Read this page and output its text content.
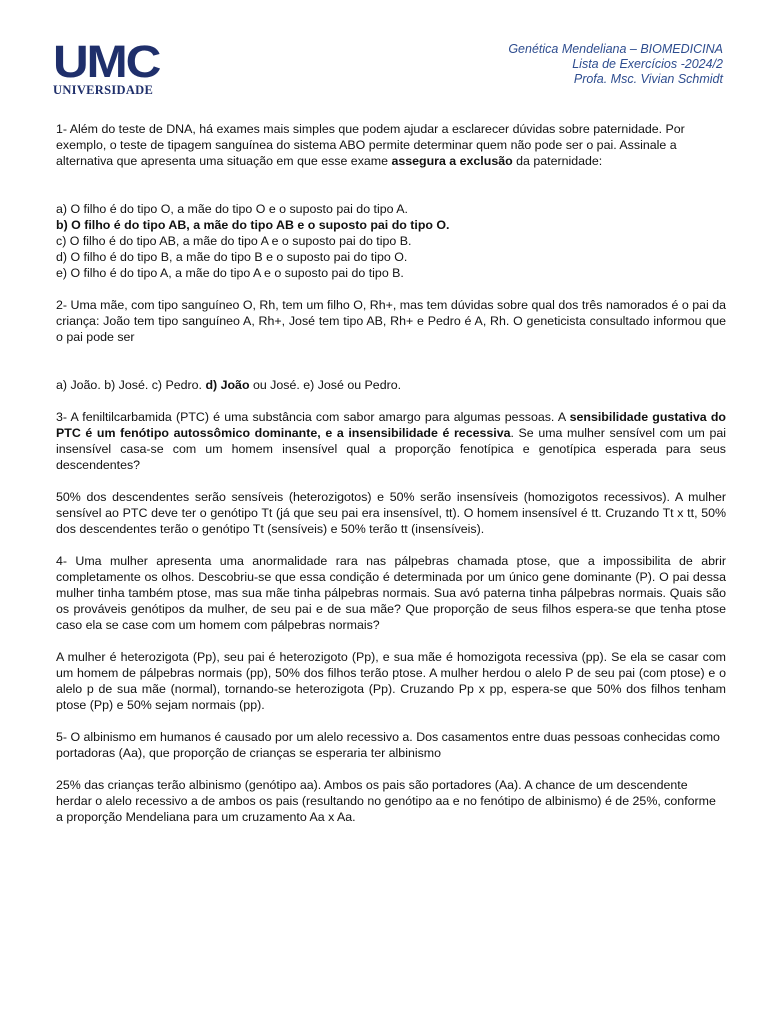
UMC
UNIVERSIDADE
Genética Mendeliana – BIOMEDICINA
Lista de Exercícios -2024/2
Profa. Msc. Vivian Schmidt

1- Além do teste de DNA, há exames mais simples que podem ajudar a esclarecer dúvidas sobre paternidade. Por exemplo, o teste de tipagem sanguínea do sistema ABO permite determinar quem não pode ser o pai. Assinale a alternativa que apresenta uma situação em que esse exame assegura a exclusão da paternidade:

a) O filho é do tipo O, a mãe do tipo O e o suposto pai do tipo A.

b) O filho é do tipo AB, a mãe do tipo AB e o suposto pai do tipo O.

c) O filho é do tipo AB, a mãe do tipo A e o suposto pai do tipo B.

d) O filho é do tipo B, a mãe do tipo B e o suposto pai do tipo O.

e) O filho é do tipo A, a mãe do tipo A e o suposto pai do tipo B.

2- Uma mãe, com tipo sanguíneo O, Rh, tem um filho O, Rh+, mas tem dúvidas sobre qual dos três namorados é o pai da criança: João tem tipo sanguíneo A, Rh+, José tem tipo AB, Rh+ e Pedro é A, Rh. O geneticista consultado informou que o pai pode ser

a) João. b) José. c) Pedro. d) João ou José. e) José ou Pedro.

3- A feniltilcarbamida (PTC) é uma substância com sabor amargo para algumas pessoas. A sensibilidade gustativa do PTC é um fenótipo autossômico dominante, e a insensibilidade é recessiva. Se uma mulher sensível com um pai insensível casa-se com um homem insensível qual a proporção fenotípica e genotípica esperada para seus descendentes?

50% dos descendentes serão sensíveis (heterozigotos) e 50% serão insensíveis (homozigotos recessivos). A mulher sensível ao PTC deve ter o genótipo Tt (já que seu pai era insensível, tt). O homem insensível é tt. Cruzando Tt x tt, 50% dos descendentes terão o genótipo Tt (sensíveis) e 50% terão tt (insensíveis).

4- Uma mulher apresenta uma anormalidade rara nas pálpebras chamada ptose, que a impossibilita de abrir completamente os olhos. Descobriu-se que essa condição é determinada por um único gene dominante (P). O pai dessa mulher tinha também ptose, mas sua mãe tinha pálpebras normais. Sua avó paterna tinha pálpebras normais. Quais são os prováveis genótipos da mulher, de seu pai e de sua mãe? Que proporção de seus filhos espera-se que tenha ptose caso ela se case com um homem com pálpebras normais?

A mulher é heterozigota (Pp), seu pai é heterozigoto (Pp), e sua mãe é homozigota recessiva (pp). Se ela se casar com um homem de pálpebras normais (pp), 50% dos filhos terão ptose. A mulher herdou o alelo P de seu pai (com ptose) e o alelo p de sua mãe (normal), tornando-se heterozigota (Pp). Cruzando Pp x pp, espera-se que 50% dos filhos tenham ptose (Pp) e 50% sejam normais (pp).

5- O albinismo em humanos é causado por um alelo recessivo a. Dos casamentos entre duas pessoas conhecidas como portadoras (Aa), que proporção de crianças se esperaria ter albinismo

25% das crianças terão albinismo (genótipo aa). Ambos os pais são portadores (Aa). A chance de um descendente herdar o alelo recessivo a de ambos os pais (resultando no genótipo aa e no fenótipo de albinismo) é de 25%, conforme a proporção Mendeliana para um cruzamento Aa x Aa.
